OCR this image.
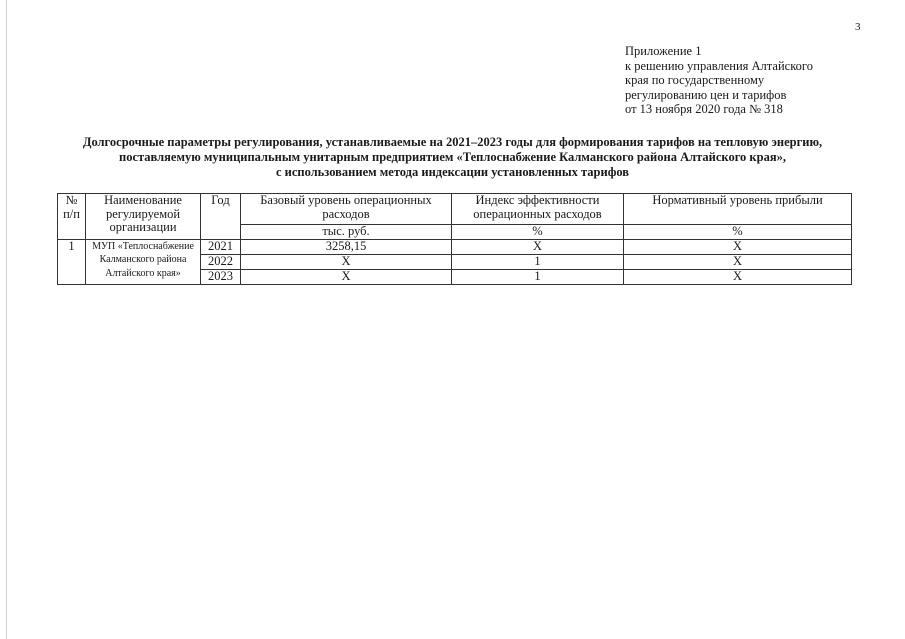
3
Приложение 1
к решению управления Алтайского
края по государственному
регулированию цен и тарифов
от 13 ноября 2020 года № 318
Долгосрочные параметры регулирования, устанавливаемые на 2021–2023 годы для формирования тарифов на тепловую энергию,
поставляемую муниципальным унитарным предприятием «Теплоснабжение Калманского района Алтайского края»,
с использованием метода индексации установленных тарифов
№ п/п	Наименование регулируемой организации	Год	Базовый уровень операционных расходов	Индекс эффективности операционных расходов	Нормативный уровень прибыли
			тыс. руб.	%	%
1	МУП «Теплоснабжение Калманского района Алтайского края»	2021	3258,15	X	X
		2022	X	1	X
		2023	X	1	X
